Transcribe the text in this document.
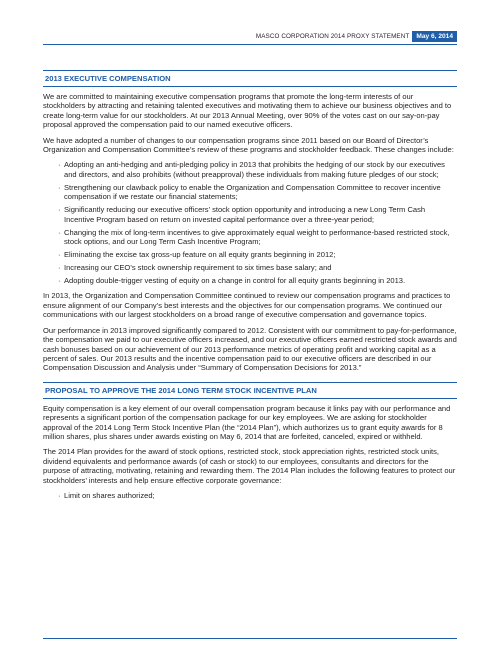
MASCO CORPORATION 2014 PROXY STATEMENT	May 6, 2014
2013 EXECUTIVE COMPENSATION

We are committed to maintaining executive compensation programs that promote the long-term interests of our stockholders by attracting and retaining talented executives and motivating them to achieve our business objectives and to create long-term value for our stockholders. At our 2013 Annual Meeting, over 90% of the votes cast on our say-on-pay proposal approved the compensation paid to our named executive officers.

We have adopted a number of changes to our compensation programs since 2011 based on our Board of Director’s Organization and Compensation Committee’s review of these programs and stockholder feedback. These changes include:

· Adopting an anti-hedging and anti-pledging policy in 2013 that prohibits the hedging of our stock by our executives and directors, and also prohibits (without preapproval) these individuals from making future pledges of our stock;
· Strengthening our clawback policy to enable the Organization and Compensation Committee to recover incentive compensation if we restate our financial statements;
· Significantly reducing our executive officers’ stock option opportunity and introducing a new Long Term Cash Incentive Program based on return on invested capital performance over a three-year period;
· Changing the mix of long-term incentives to give approximately equal weight to performance-based restricted stock, stock options, and our Long Term Cash Incentive Program;
· Eliminating the excise tax gross-up feature on all equity grants beginning in 2012;
· Increasing our CEO’s stock ownership requirement to six times base salary; and
· Adopting double-trigger vesting of equity on a change in control for all equity grants beginning in 2013.

In 2013, the Organization and Compensation Committee continued to review our compensation programs and practices to ensure alignment of our Company’s best interests and the objectives for our compensation programs. We continued our communications with our largest stockholders on a broad range of executive compensation and governance topics.

Our performance in 2013 improved significantly compared to 2012. Consistent with our commitment to pay-for-performance, the compensation we paid to our executive officers increased, and our executive officers earned restricted stock awards and cash bonuses based on our achievement of our 2013 performance metrics of operating profit and working capital as a percent of sales. Our 2013 results and the incentive compensation paid to our executive officers are described in our Compensation Discussion and Analysis under “Summary of Compensation Decisions for 2013.”

PROPOSAL TO APPROVE THE 2014 LONG TERM STOCK INCENTIVE PLAN

Equity compensation is a key element of our overall compensation program because it links pay with our performance and represents a significant portion of the compensation package for our key employees. We are asking for stockholder approval of the 2014 Long Term Stock Incentive Plan (the “2014 Plan”), which authorizes us to grant equity awards for 8 million shares, plus shares under awards existing on May 6, 2014 that are forfeited, canceled, expired or withheld.

The 2014 Plan provides for the award of stock options, restricted stock, stock appreciation rights, restricted stock units, dividend equivalents and performance awards (of cash or stock) to our employees, consultants and directors for the purpose of attracting, motivating, retaining and rewarding them. The 2014 Plan includes the following features to protect our stockholders’ interests and help ensure effective corporate governance:

· Limit on shares authorized;
